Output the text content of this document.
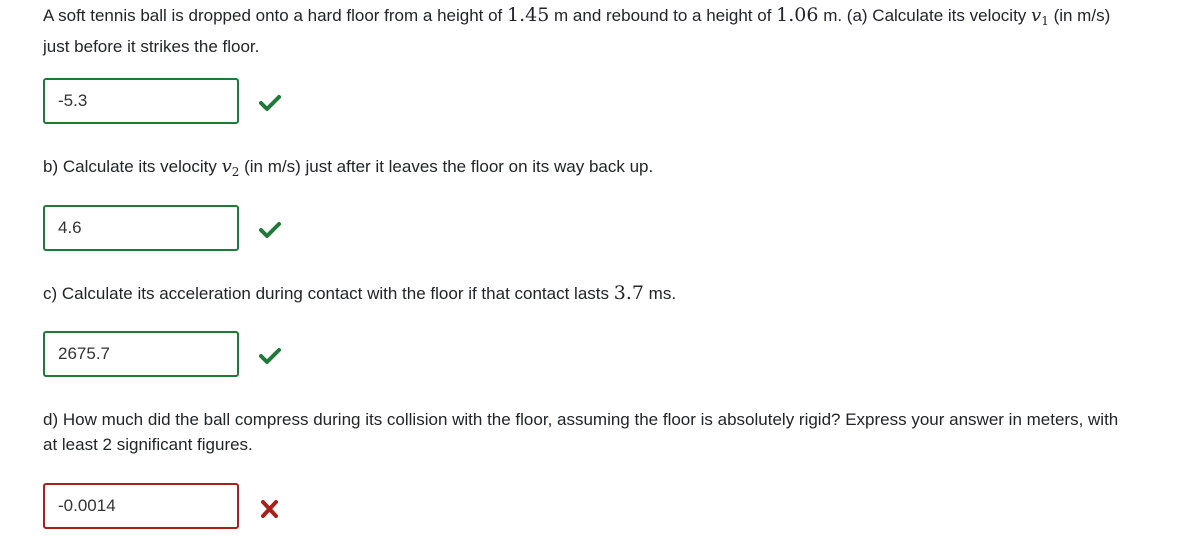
A soft tennis ball is dropped onto a hard floor from a height of 1.45 m and rebound to a height of 1.06 m. (a) Calculate its velocity $v_1$ (in m/s) just before it strikes the floor.
-5.3
b) Calculate its velocity $v_2$ (in m/s) just after it leaves the floor on its way back up.
4.6
c) Calculate its acceleration during contact with the floor if that contact lasts 3.7 ms.
2675.7
d) How much did the ball compress during its collision with the floor, assuming the floor is absolutely rigid? Express your answer in meters, with at least 2 significant figures.
-0.0014
